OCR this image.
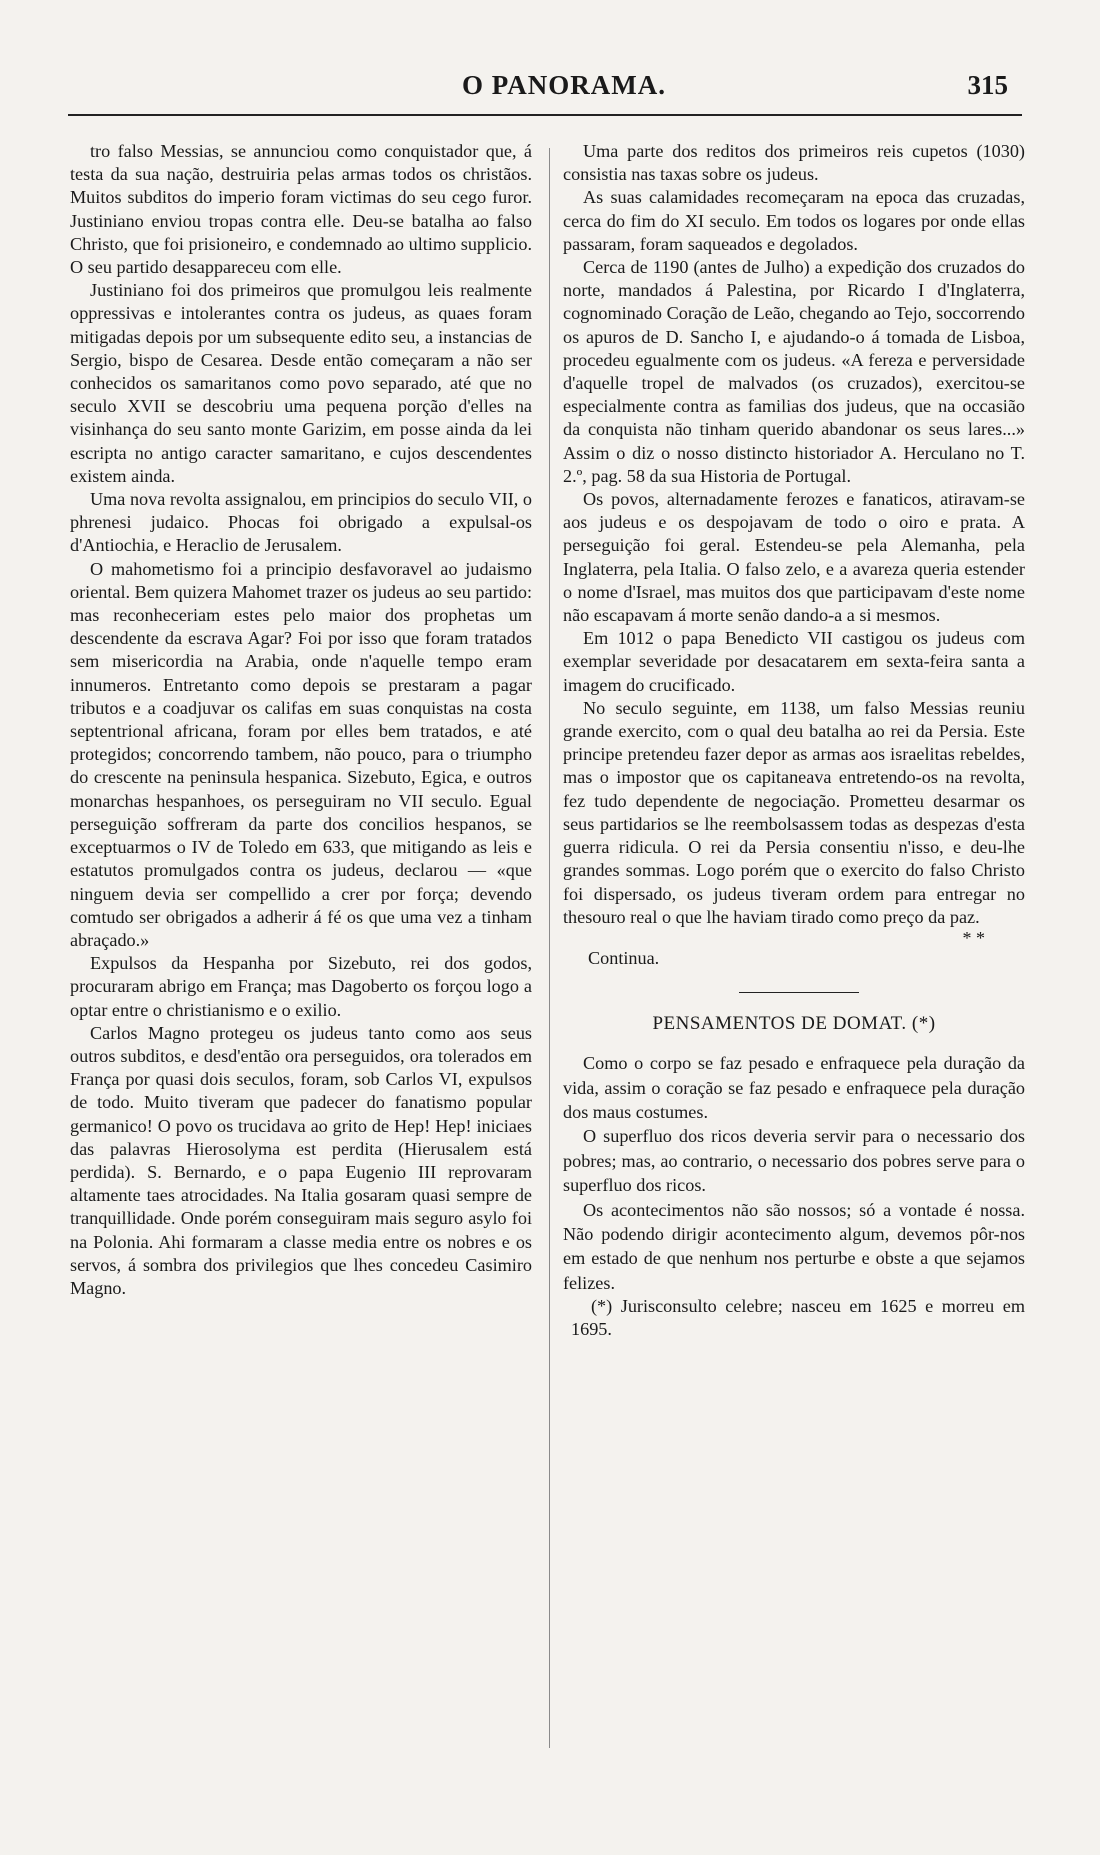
O PANORAMA.	315

tro falso Messias, se annunciou como conquistador que, á testa da sua nação, destruiria pelas armas todos os christãos. Muitos subditos do imperio foram victimas do seu cego furor. Justiniano enviou tropas contra elle. Deu-se batalha ao falso Christo, que foi prisioneiro, e condemnado ao ultimo supplicio. O seu partido desappareceu com elle.

Justiniano foi dos primeiros que promulgou leis realmente oppressivas e intolerantes contra os judeus, as quaes foram mitigadas depois por um subsequente edito seu, a instancias de Sergio, bispo de Cesarea. Desde então começaram a não ser conhecidos os samaritanos como povo separado, até que no seculo XVII se descobriu uma pequena porção d'elles na visinhança do seu santo monte Garizim, em posse ainda da lei escripta no antigo caracter samaritano, e cujos descendentes existem ainda.

Uma nova revolta assignalou, em principios do seculo VII, o phrenesi judaico. Phocas foi obrigado a expulsal-os d'Antiochia, e Heraclio de Jerusalem.

O mahometismo foi a principio desfavoravel ao judaismo oriental. Bem quizera Mahomet trazer os judeus ao seu partido: mas reconheceriam estes pelo maior dos prophetas um descendente da escrava Agar? Foi por isso que foram tratados sem misericordia na Arabia, onde n'aquelle tempo eram innumeros. Entretanto como depois se prestaram a pagar tributos e a coadjuvar os califas em suas conquistas na costa septentrional africana, foram por elles bem tratados, e até protegidos; concorrendo tambem, não pouco, para o triumpho do crescente na peninsula hespanica. Sizebuto, Egica, e outros monarchas hespanhoes, os perseguiram no VII seculo. Egual perseguição soffreram da parte dos concilios hespanos, se exceptuarmos o IV de Toledo em 633, que mitigando as leis e estatutos promulgados contra os judeus, declarou — «que ninguem devia ser compellido a crer por força; devendo comtudo ser obrigados a adherir á fé os que uma vez a tinham abraçado.»

Expulsos da Hespanha por Sizebuto, rei dos godos, procuraram abrigo em França; mas Dagoberto os forçou logo a optar entre o christianismo e o exilio.

Carlos Magno protegeu os judeus tanto como aos seus outros subditos, e desd'então ora perseguidos, ora tolerados em França por quasi dois seculos, foram, sob Carlos VI, expulsos de todo. Muito tiveram que padecer do fanatismo popular germanico! O povo os trucidava ao grito de Hep! Hep! iniciaes das palavras Hierosolyma est perdita (Hierusalem está perdida). S. Bernardo, e o papa Eugenio III reprovaram altamente taes atrocidades. Na Italia gosaram quasi sempre de tranquillidade. Onde porém conseguiram mais seguro asylo foi na Polonia. Ahi formaram a classe media entre os nobres e os servos, á sombra dos privilegios que lhes concedeu Casimiro Magno.

Uma parte dos reditos dos primeiros reis cupetos (1030) consistia nas taxas sobre os judeus.

As suas calamidades recomeçaram na epoca das cruzadas, cerca do fim do XI seculo. Em todos os logares por onde ellas passaram, foram saqueados e degolados.

Cerca de 1190 (antes de Julho) a expedição dos cruzados do norte, mandados á Palestina, por Ricardo I d'Inglaterra, cognominado Coração de Leão, chegando ao Tejo, soccorrendo os apuros de D. Sancho I, e ajudando-o á tomada de Lisboa, procedeu egualmente com os judeus. «A fereza e perversidade d'aquelle tropel de malvados (os cruzados), exercitou-se especialmente contra as familias dos judeus, que na occasião da conquista não tinham querido abandonar os seus lares...» Assim o diz o nosso distincto historiador A. Herculano no T. 2.º, pag. 58 da sua Historia de Portugal.

Os povos, alternadamente ferozes e fanaticos, atiravam-se aos judeus e os despojavam de todo o oiro e prata. A perseguição foi geral. Estendeu-se pela Alemanha, pela Inglaterra, pela Italia. O falso zelo, e a avareza queria estender o nome d'Israel, mas muitos dos que participavam d'este nome não escapavam á morte senão dando-a a si mesmos.

Em 1012 o papa Benedicto VII castigou os judeus com exemplar severidade por desacatarem em sexta-feira santa a imagem do crucificado.

No seculo seguinte, em 1138, um falso Messias reuniu grande exercito, com o qual deu batalha ao rei da Persia. Este principe pretendeu fazer depor as armas aos israelitas rebeldes, mas o impostor que os capitaneava entretendo-os na revolta, fez tudo dependente de negociação. Prometteu desarmar os seus partidarios se lhe reembolsassem todas as despezas d'esta guerra ridicula. O rei da Persia consentiu n'isso, e deu-lhe grandes sommas. Logo porém que o exercito do falso Christo foi dispersado, os judeus tiveram ordem para entregar no thesouro real o que lhe haviam tirado como preço da paz.

* *
Continua.
PENSAMENTOS DE DOMAT. (*)

Como o corpo se faz pesado e enfraquece pela duração da vida, assim o coração se faz pesado e enfraquece pela duração dos maus costumes.

O superfluo dos ricos deveria servir para o necessario dos pobres; mas, ao contrario, o necessario dos pobres serve para o superfluo dos ricos.

Os acontecimentos não são nossos; só a vontade é nossa. Não podendo dirigir acontecimento algum, devemos pôr-nos em estado de que nenhum nos perturbe e obste a que sejamos felizes.

(*) Jurisconsulto celebre; nasceu em 1625 e morreu em 1695.
